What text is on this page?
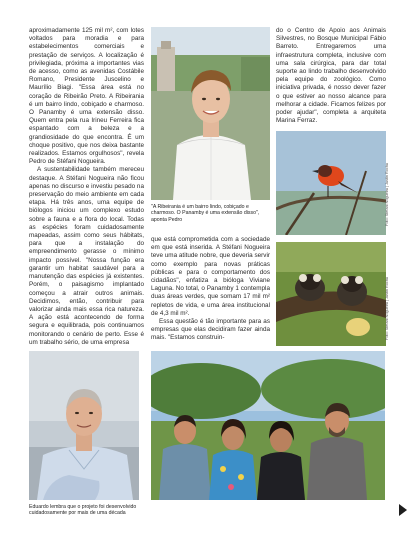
aproximadamente 125 mil m², com lotes voltados para moradia e para estabelecimentos comerciais e prestação de serviços. A localização é privilegiada, próxima a importantes vias de acesso, como as avenidas Costábile Romano, Presidente Juscelino e Maurílio Biagi. "Essa área está no coração de Ribeirão Preto. A Ribeirania é um bairro lindo, cobiçado e charmoso. O Panamby é uma extensão disso. Quem entra pela rua Irineu Ferreira fica espantado com a beleza e a grandiosidade do que encontra. É um choque positivo, que nos deixa bastante realizados. Estamos orgulhosos", revela Pedro de Stéfani Nogueira.

A sustentabilidade também mereceu destaque. A Stéfani Nogueira não ficou apenas no discurso e investiu pesado na preservação do meio ambiente em cada etapa. Há três anos, uma equipe de biólogos iniciou um complexo estudo sobre a fauna e a flora do local. Todas as espécies foram cuidadosamente mapeadas, assim como seus hábitats, para que a instalação do empreendimento gerasse o mínimo impacto possível. "Nossa função era garantir um habitat saudável para a manutenção das espécies já existentes. Porém, o paisagismo implantado começou a atrair outros animais. Decidimos, então, contribuir para valorizar ainda mais essa rica natureza. A ação está acontecendo de forma segura e equilibrada, pois continuamos monitorando o cenário de perto. Esse é um trabalho sério, de uma empresa

"A Ribeirania é um bairro lindo, cobiçado e charmoso. O Panamby é uma extensão disso", aponta Pedro

do o Centro de Apoio aos Animais Silvestres, no Bosque Municipal Fábio Barreto. Entregaremos uma infraestrutura completa, inclusive com uma sala cirúrgica, para dar total suporte ao lindo trabalho desenvolvido pela equipe do zoológico. Como iniciativa privada, é nosso dever fazer o que estiver ao nosso alcance para melhorar a cidade. Ficamos felizes por poder ajudar", completa a arquiteta Marina Ferraz.

Foto: Stefani Nogueira | Justin Rocha
Foto: Stefani Nogueira | Justin Rocha

que está comprometida com a sociedade em que está inserida. A Stéfani Nogueira teve uma atitude nobre, que deveria servir como exemplo para novas práticas públicas e para o comportamento dos cidadãos", enfatiza a bióloga Viviane Laguna. No total, o Panamby 1 contempla duas áreas verdes, que somam 17 mil m² repletos de vida, e uma área institucional de 4,3 mil m².

Essa questão é tão importante para as empresas que elas decidiram fazer ainda mais. "Estamos construin-

Eduardo lembra que o projeto foi desenvolvido cuidadosamente por mais de uma década
